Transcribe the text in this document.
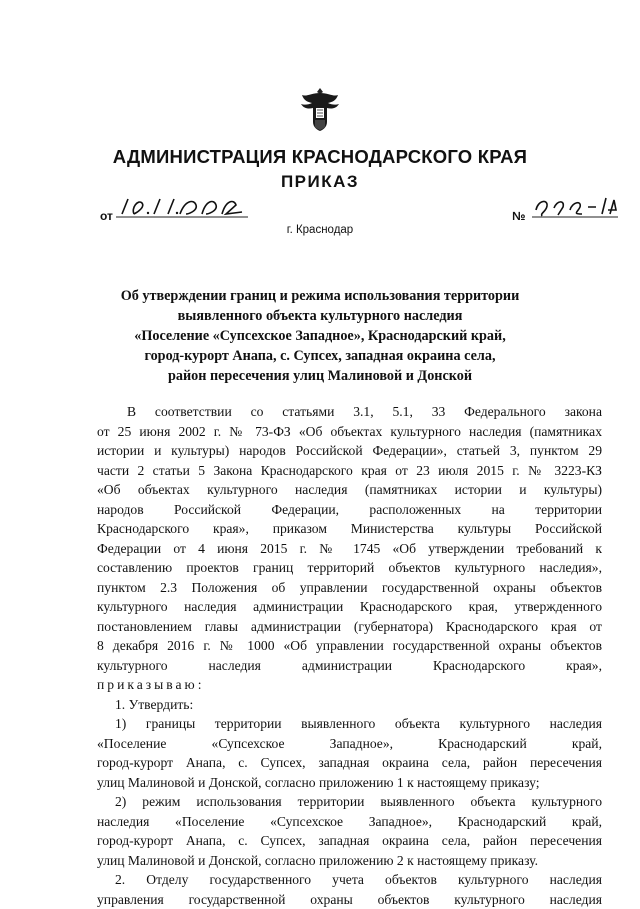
АДМИНИСТРАЦИЯ КРАСНОДАРСКОГО КРАЯ
ПРИКАЗ
от	№
г. Краснодар
Об утверждении границ и режима использования территории
выявленного объекта культурного наследия
«Поселение «Супсехское Западное», Краснодарский край,
город-курорт Анапа, с. Супсех, западная окраина села,
район пересечения улиц Малиновой и Донской
В соответствии со статьями 3.1, 5.1, 33 Федерального закона
от 25 июня 2002 г. № 73-ФЗ «Об объектах культурного наследия (памятниках
истории и культуры) народов Российской Федерации», статьей 3, пунктом 29
части 2 статьи 5 Закона Краснодарского края от 23 июля 2015 г. № 3223-КЗ
«Об объектах культурного наследия (памятниках истории и культуры)
народов Российской Федерации, расположенных на территории
Краснодарского края», приказом Министерства культуры Российской
Федерации от 4 июня 2015 г. № 1745 «Об утверждении требований к
составлению проектов границ территорий объектов культурного наследия»,
пунктом 2.3 Положения об управлении государственной охраны объектов
культурного наследия администрации Краснодарского края, утвержденного
постановлением главы администрации (губернатора) Краснодарского края от
8 декабря 2016 г. № 1000 «Об управлении государственной охраны объектов
культурного наследия администрации Краснодарского края»,
приказываю:
1. Утвердить:
1) границы территории выявленного объекта культурного наследия
«Поселение «Супсехское Западное», Краснодарский край,
город-курорт Анапа, с. Супсех, западная окраина села, район пересечения
улиц Малиновой и Донской, согласно приложению 1 к настоящему приказу;
2) режим использования территории выявленного объекта культурного
наследия «Поселение «Супсехское Западное», Краснодарский край,
город-курорт Анапа, с. Супсех, западная окраина села, район пересечения
улиц Малиновой и Донской, согласно приложению 2 к настоящему приказу.
2. Отделу государственного учета объектов культурного наследия
управления государственной охраны объектов культурного наследия
